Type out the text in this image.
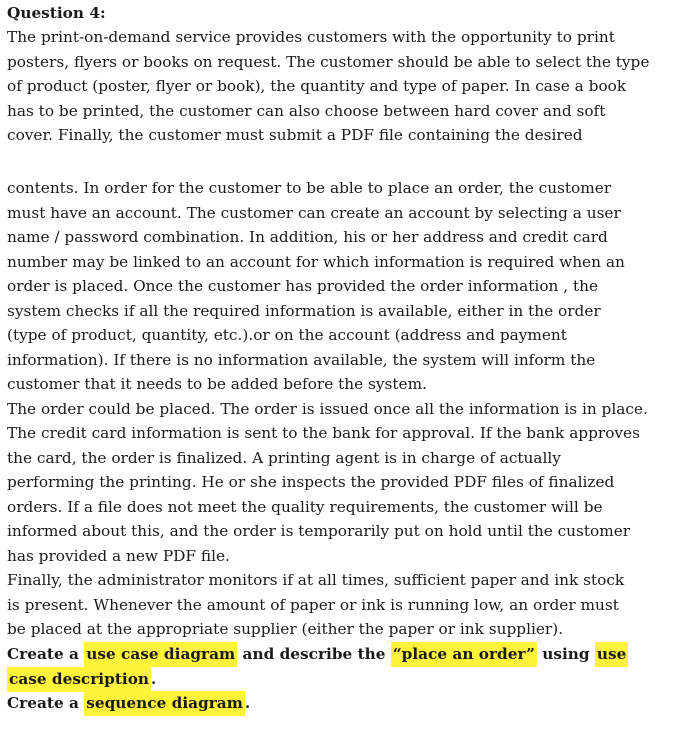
Question 4:
The print-on-demand service provides customers with the opportunity to print
posters, flyers or books on request. The customer should be able to select the type
of product (poster, flyer or book), the quantity and type of paper. In case a book
has to be printed, the customer can also choose between hard cover and soft
cover. Finally, the customer must submit a PDF file containing the desired
contents. In order for the customer to be able to place an order, the customer
must have an account. The customer can create an account by selecting a user
name / password combination. In addition, his or her address and credit card
number may be linked to an account for which information is required when an
order is placed. Once the customer has provided the order information , the
system checks if all the required information is available, either in the order
(type of product, quantity, etc.).or on the account (address and payment
information). If there is no information available, the system will inform the
customer that it needs to be added before the system.
The order could be placed. The order is issued once all the information is in place.
The credit card information is sent to the bank for approval. If the bank approves
the card, the order is finalized. A printing agent is in charge of actually
performing the printing. He or she inspects the provided PDF files of finalized
orders. If a file does not meet the quality requirements, the customer will be
informed about this, and the order is temporarily put on hold until the customer
has provided a new PDF file.
Finally, the administrator monitors if at all times, sufficient paper and ink stock
is present. Whenever the amount of paper or ink is running low, an order must
be placed at the appropriate supplier (either the paper or ink supplier).
Create a use case diagram and describe the “place an order” using use
case description .
Create a sequence diagram .
